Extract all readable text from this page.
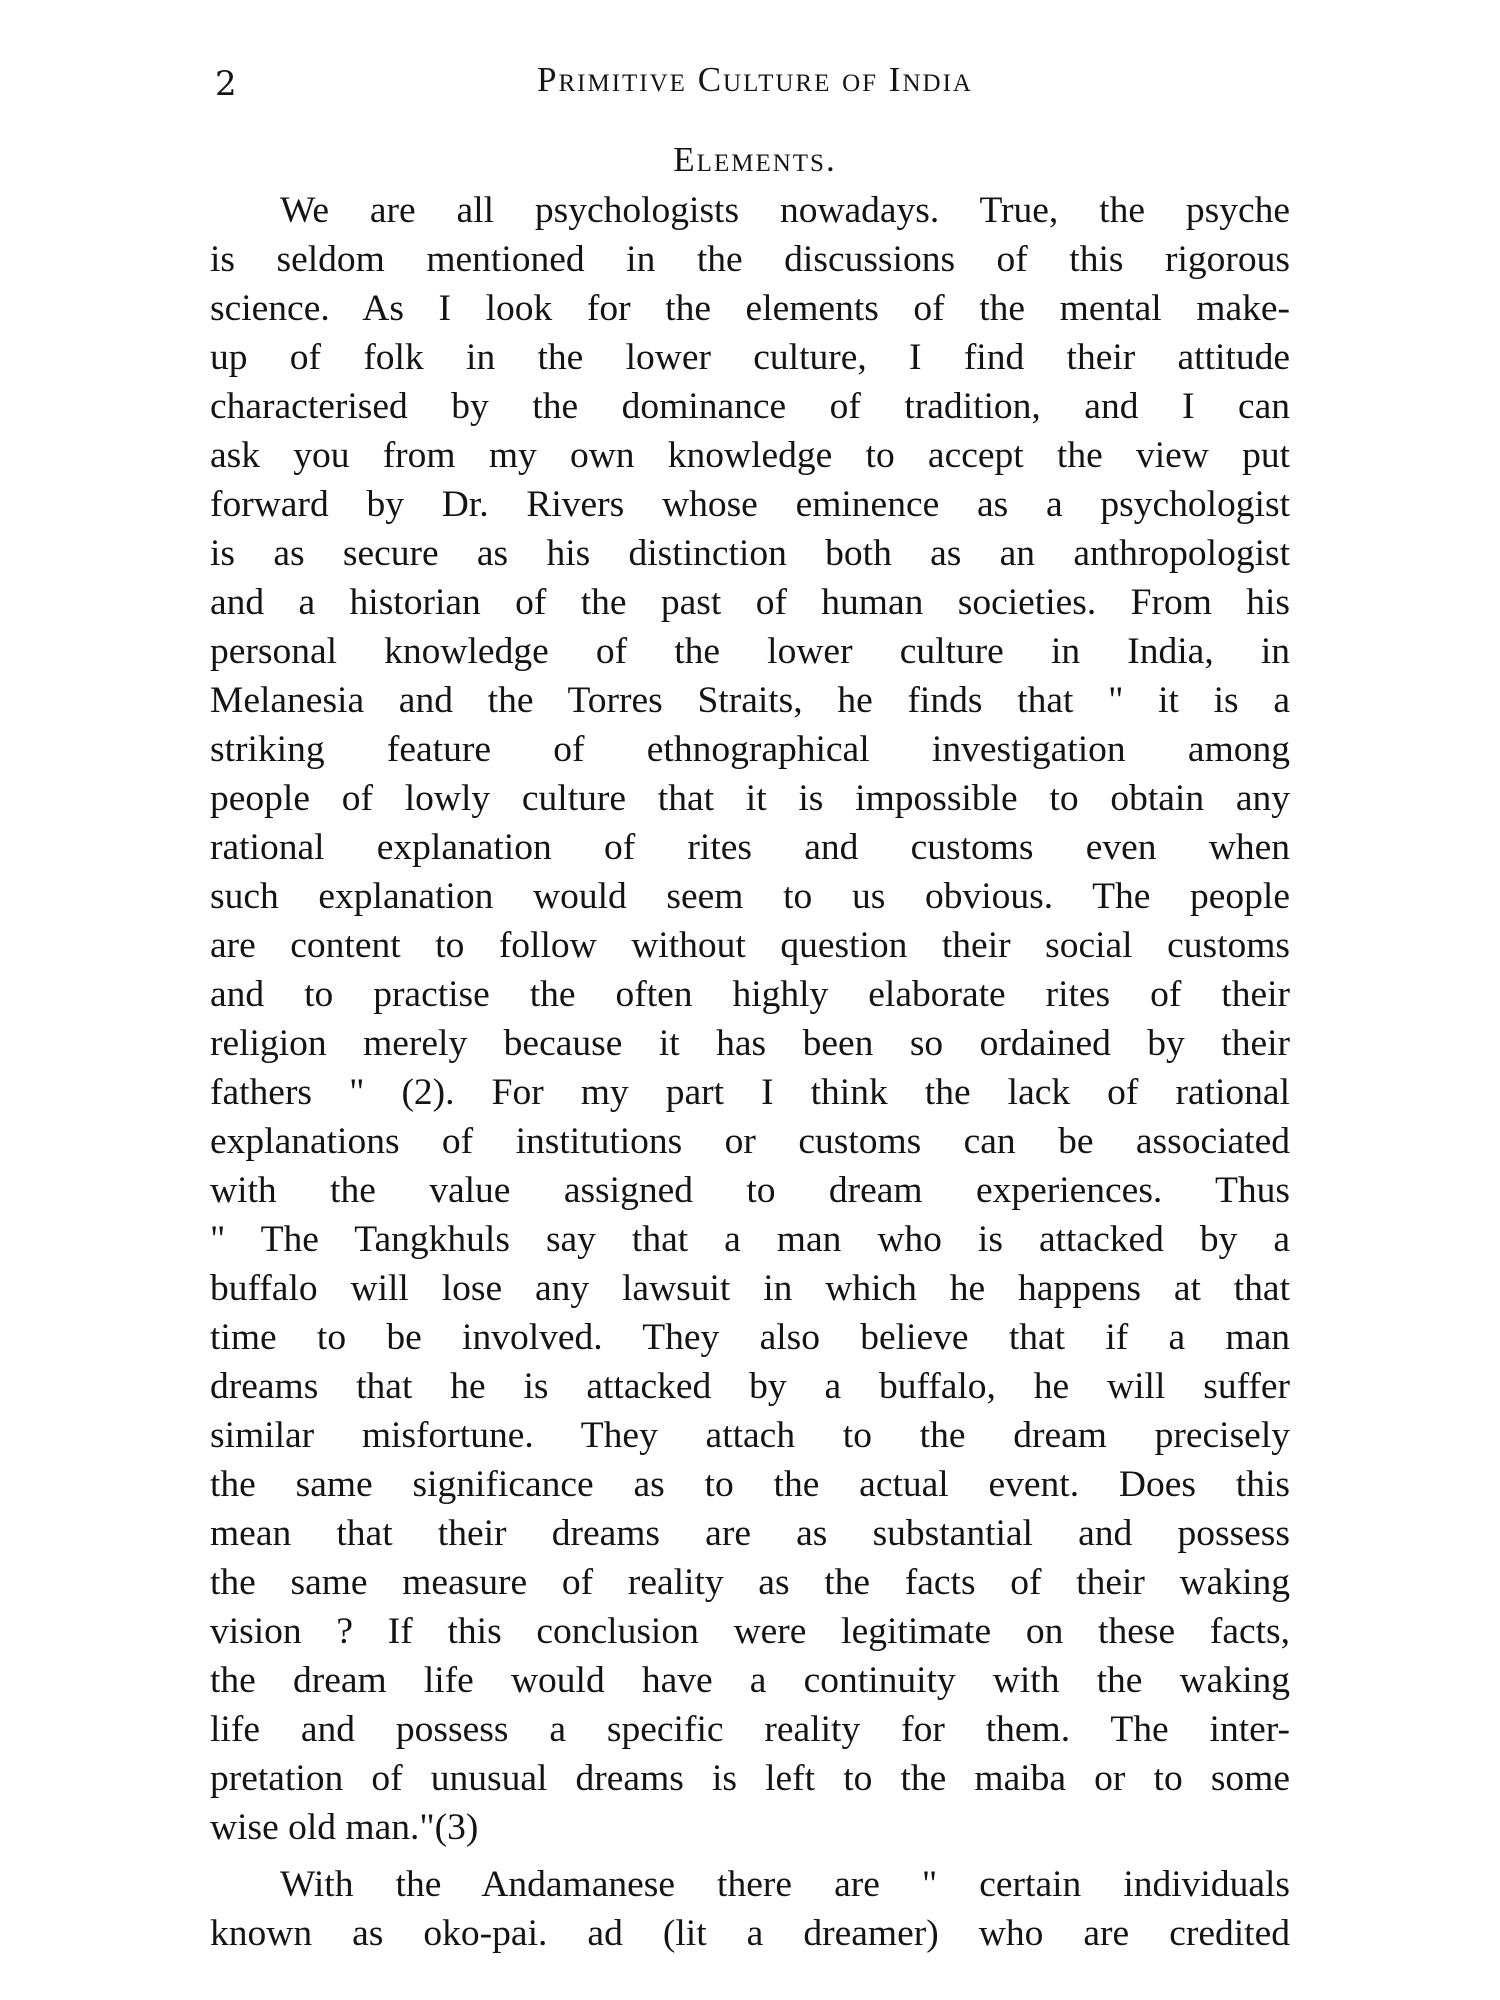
2	Primitive Culture of India
Elements.
We are all psychologists nowadays. True, the psyche
is seldom mentioned in the discussions of this rigorous
science. As I look for the elements of the mental make-
up of folk in the lower culture, I find their attitude
characterised by the dominance of tradition, and I can
ask you from my own knowledge to accept the view put
forward by Dr. Rivers whose eminence as a psychologist
is as secure as his distinction both as an anthropologist
and a historian of the past of human societies. From his
personal knowledge of the lower culture in India, in
Melanesia and the Torres Straits, he finds that " it is a
striking feature of ethnographical investigation among
people of lowly culture that it is impossible to obtain any
rational explanation of rites and customs even when
such explanation would seem to us obvious. The people
are content to follow without question their social customs
and to practise the often highly elaborate rites of their
religion merely because it has been so ordained by their
fathers " (2). For my part I think the lack of rational
explanations of institutions or customs can be associated
with the value assigned to dream experiences. Thus
" The Tangkhuls say that a man who is attacked by a
buffalo will lose any lawsuit in which he happens at that
time to be involved. They also believe that if a man
dreams that he is attacked by a buffalo, he will suffer
similar misfortune. They attach to the dream precisely
the same significance as to the actual event. Does this
mean that their dreams are as substantial and possess
the same measure of reality as the facts of their waking
vision ? If this conclusion were legitimate on these facts,
the dream life would have a continuity with the waking
life and possess a specific reality for them. The inter-
pretation of unusual dreams is left to the maiba or to some
wise old man."(3)
With the Andamanese there are " certain individuals
known as oko-pai. ad (lit a dreamer) who are credited
